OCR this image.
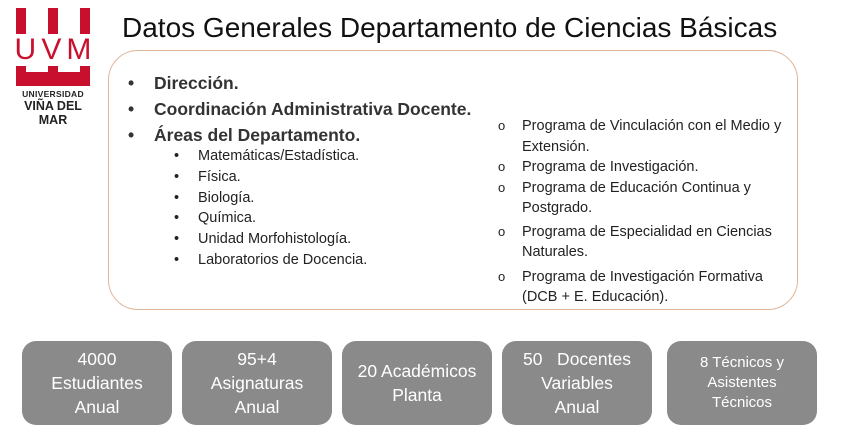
U V M
UNIVERSIDAD
VIÑA DEL MAR
Datos Generales Departamento de Ciencias Básicas
• Dirección.
• Coordinación Administrativa Docente.
• Áreas del Departamento.
• Matemáticas/Estadística.
• Física.
• Biología.
• Química.
• Unidad Morfohistología.
• Laboratorios de Docencia.
o Programa de Vinculación con el Medio y Extensión.
o Programa de Investigación.
o Programa de Educación Continua y Postgrado.
o Programa de Especialidad en Ciencias Naturales.
o Programa de Investigación Formativa (DCB + E. Educación).
4000
Estudiantes
Anual
95+4
Asignaturas
Anual
20 Académicos
Planta
50   Docentes
Variables
Anual
8 Técnicos y
Asistentes
Técnicos
